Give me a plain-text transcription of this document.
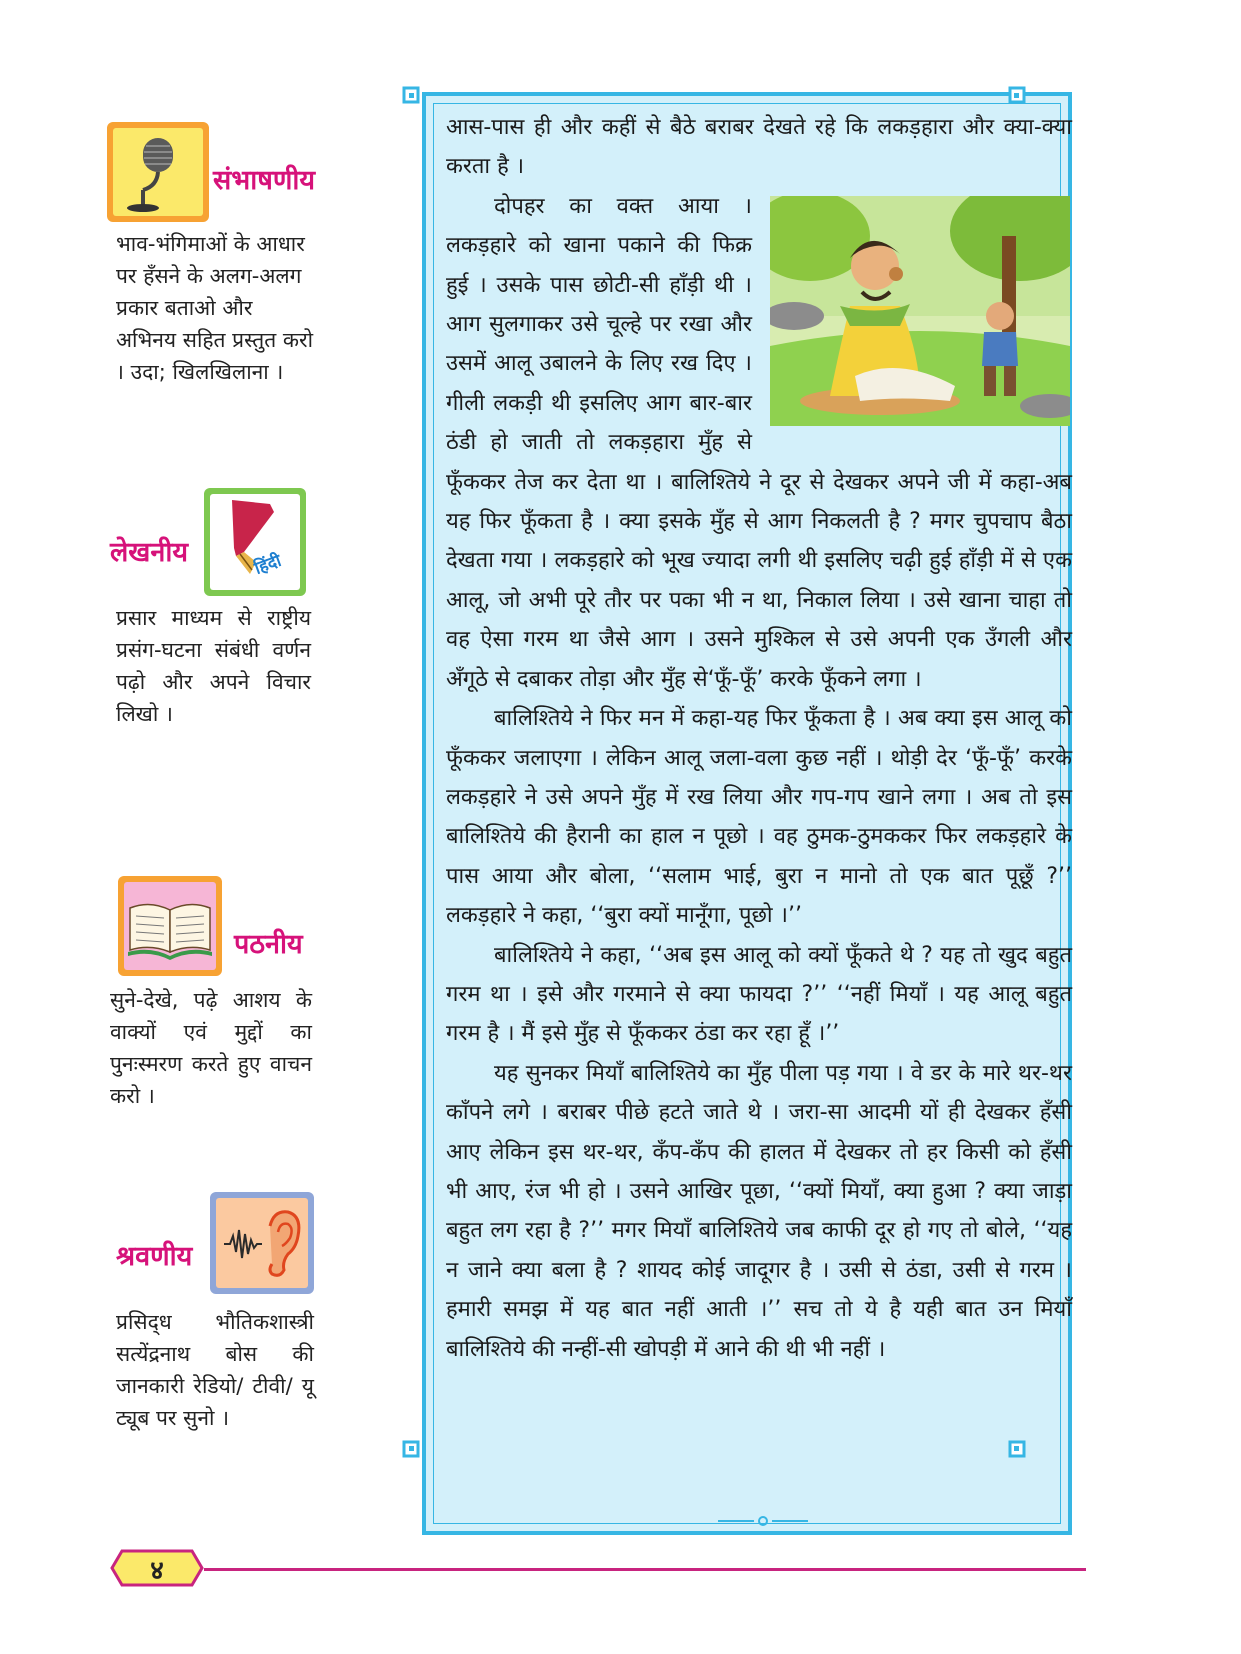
संभाषणीय
भाव-भंगिमाओं के आधार पर हँसने के अलग-अलग प्रकार बताओ और अभिनय सहित प्रस्तुत करो । उदा; खिलखिलाना ।
लेखनीय	हिंदी
प्रसार माध्यम से राष्ट्रीय प्रसंग-घटना संबंधी वर्णन पढ़ो और अपने विचार लिखो ।
पठनीय
सुने-देखे, पढ़े आशय के वाक्यों एवं मुद्दों का पुनःस्मरण करते हुए वाचन करो ।
श्रवणीय
प्रसिद्‌ध भौतिकशास्त्री सत्येंद्रनाथ बोस की जानकारी रेडियो/ टीवी/ यू ट्यूब पर सुनो ।

आस-पास ही और कहीं से बैठे बराबर देखते रहे कि लकड़हारा और क्या-क्या करता है ।

दोपहर का वक्त आया । लकड़हारे को खाना पकाने की फिक्र हुई । उसके पास छोटी-सी हाँड़ी थी । आग सुलगाकर उसे चूल्हे पर रखा और उसमें आलू उबालने के लिए रख दिए । गीली लकड़ी थी इसलिए आग बार-बार ठंडी हो जाती तो लकड़हारा मुँह से फूँककर तेज कर देता था । बालिश्तिये ने दूर से देखकर अपने जी में कहा-अब यह फिर फूँकता है । क्या इसके मुँह से आग निकलती है ? मगर चुपचाप बैठा देखता गया । लकड़हारे को भूख ज्यादा लगी थी इसलिए चढ़ी हुई हाँड़ी में से एक आलू, जो अभी पूरे तौर पर पका भी न था, निकाल लिया । उसे खाना चाहा तो वह ऐसा गरम था जैसे आग । उसने मुश्किल से उसे अपनी एक उँगली और अँगूठे से दबाकर तोड़ा और मुँह से‘फूँ-फूँ’ करके फूँकने लगा ।

बालिश्तिये ने फिर मन में कहा-यह फिर फूँकता है । अब क्या इस आलू को फूँककर जलाएगा । लेकिन आलू जला-वला कुछ नहीं । थोड़ी देर ‘फूँ-फूँ’ करके लकड़हारे ने उसे अपने मुँह में रख लिया और गप-गप खाने लगा । अब तो इस बालिश्तिये की हैरानी का हाल न पूछो । वह ठुमक-ठुमककर फिर लकड़हारे के पास आया और बोला, ‘‘सलाम भाई, बुरा न मानो तो एक बात पूछूँ ?’’ लकड़हारे ने कहा, ‘‘बुरा क्यों मानूँगा, पूछो ।’’

बालिश्तिये ने कहा, ‘‘अब इस आलू को क्यों फूँकते थे ? यह तो खुद बहुत गरम था । इसे और गरमाने से क्या फायदा ?’’ ‘‘नहीं मियाँ । यह आलू बहुत गरम है । मैं इसे मुँह से फूँककर ठंडा कर रहा हूँ ।’’

यह सुनकर मियाँ बालिश्तिये का मुँह पीला पड़ गया । वे डर के मारे थर-थर काँपने लगे । बराबर पीछे हटते जाते थे । जरा-सा आदमी यों ही देखकर हँसी आए लेकिन इस थर-थर, कँप-कँप की हालत में देखकर तो हर किसी को हँसी भी आए, रंज भी हो । उसने आखिर पूछा, ‘‘क्यों मियाँ, क्या हुआ ? क्या जाड़ा बहुत लग रहा है ?’’ मगर मियाँ बालिश्तिये जब काफी दूर हो गए तो बोले, ‘‘यह न जाने क्या बला है ? शायद कोई जादूगर है । उसी से ठंडा, उसी से गरम । हमारी समझ में यह बात नहीं आती ।’’ सच तो ये है यही बात उन मियाँ बालिश्तिये की नन्हीं-सी खोपड़ी में आने की थी भी नहीं ।

४
